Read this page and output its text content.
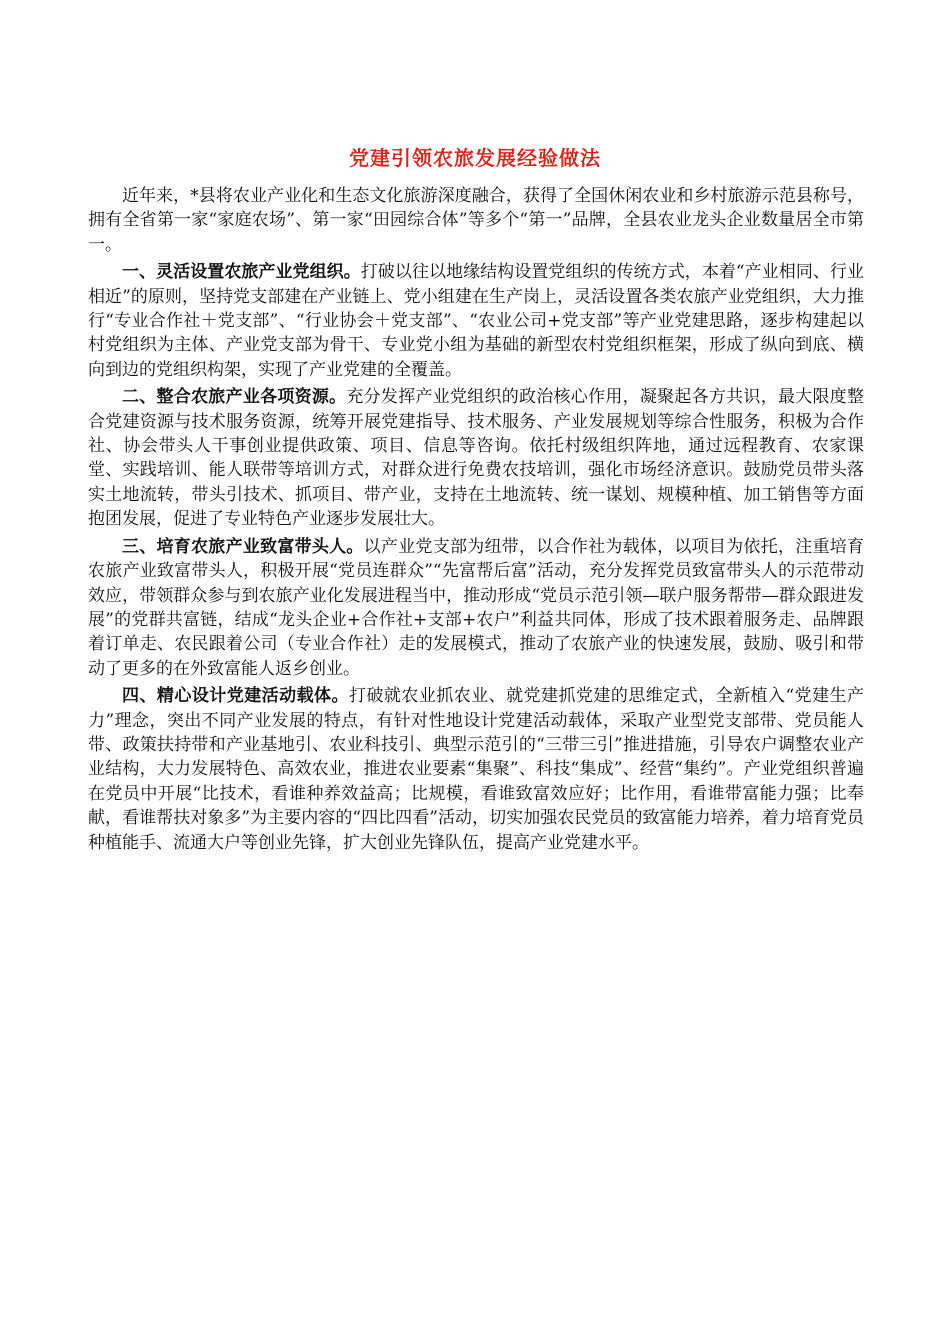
党建引领农旅发展经验做法

近年来，*县将农业产业化和生态文化旅游深度融合，获得了全国休闲农业和乡村旅游示范县称号，拥有全省第一家“家庭农场”、第一家“田园综合体”等多个“第一”品牌，全县农业龙头企业数量居全市第一。

一、灵活设置农旅产业党组织。打破以往以地缘结构设置党组织的传统方式，本着“产业相同、行业相近”的原则，坚持党支部建在产业链上、党小组建在生产岗上，灵活设置各类农旅产业党组织，大力推行“专业合作社＋党支部”、“行业协会＋党支部”、“农业公司+党支部”等产业党建思路，逐步构建起以村党组织为主体、产业党支部为骨干、专业党小组为基础的新型农村党组织框架，形成了纵向到底、横向到边的党组织构架，实现了产业党建的全覆盖。

二、整合农旅产业各项资源。充分发挥产业党组织的政治核心作用，凝聚起各方共识，最大限度整合党建资源与技术服务资源，统筹开展党建指导、技术服务、产业发展规划等综合性服务，积极为合作社、协会带头人干事创业提供政策、项目、信息等咨询。依托村级组织阵地，通过远程教育、农家课堂、实践培训、能人联带等培训方式，对群众进行免费农技培训，强化市场经济意识。鼓励党员带头落实土地流转，带头引技术、抓项目、带产业，支持在土地流转、统一谋划、规模种植、加工销售等方面抱团发展，促进了专业特色产业逐步发展壮大。

三、培育农旅产业致富带头人。以产业党支部为纽带，以合作社为载体，以项目为依托，注重培育农旅产业致富带头人，积极开展“党员连群众”“先富帮后富”活动，充分发挥党员致富带头人的示范带动效应，带领群众参与到农旅产业化发展进程当中，推动形成“党员示范引领—联户服务帮带—群众跟进发展”的党群共富链，结成“龙头企业+合作社+支部+农户”利益共同体，形成了技术跟着服务走、品牌跟着订单走、农民跟着公司（专业合作社）走的发展模式，推动了农旅产业的快速发展，鼓励、吸引和带动了更多的在外致富能人返乡创业。

四、精心设计党建活动载体。打破就农业抓农业、就党建抓党建的思维定式，全新植入“党建生产力”理念，突出不同产业发展的特点，有针对性地设计党建活动载体，采取产业型党支部带、党员能人带、政策扶持带和产业基地引、农业科技引、典型示范引的“三带三引”推进措施，引导农户调整农业产业结构，大力发展特色、高效农业，推进农业要素“集聚”、科技“集成”、经营“集约”。产业党组织普遍在党员中开展“比技术，看谁种养效益高；比规模，看谁致富效应好；比作用，看谁带富能力强；比奉献，看谁帮扶对象多”为主要内容的“四比四看”活动，切实加强农民党员的致富能力培养，着力培育党员种植能手、流通大户等创业先锋，扩大创业先锋队伍，提高产业党建水平。
